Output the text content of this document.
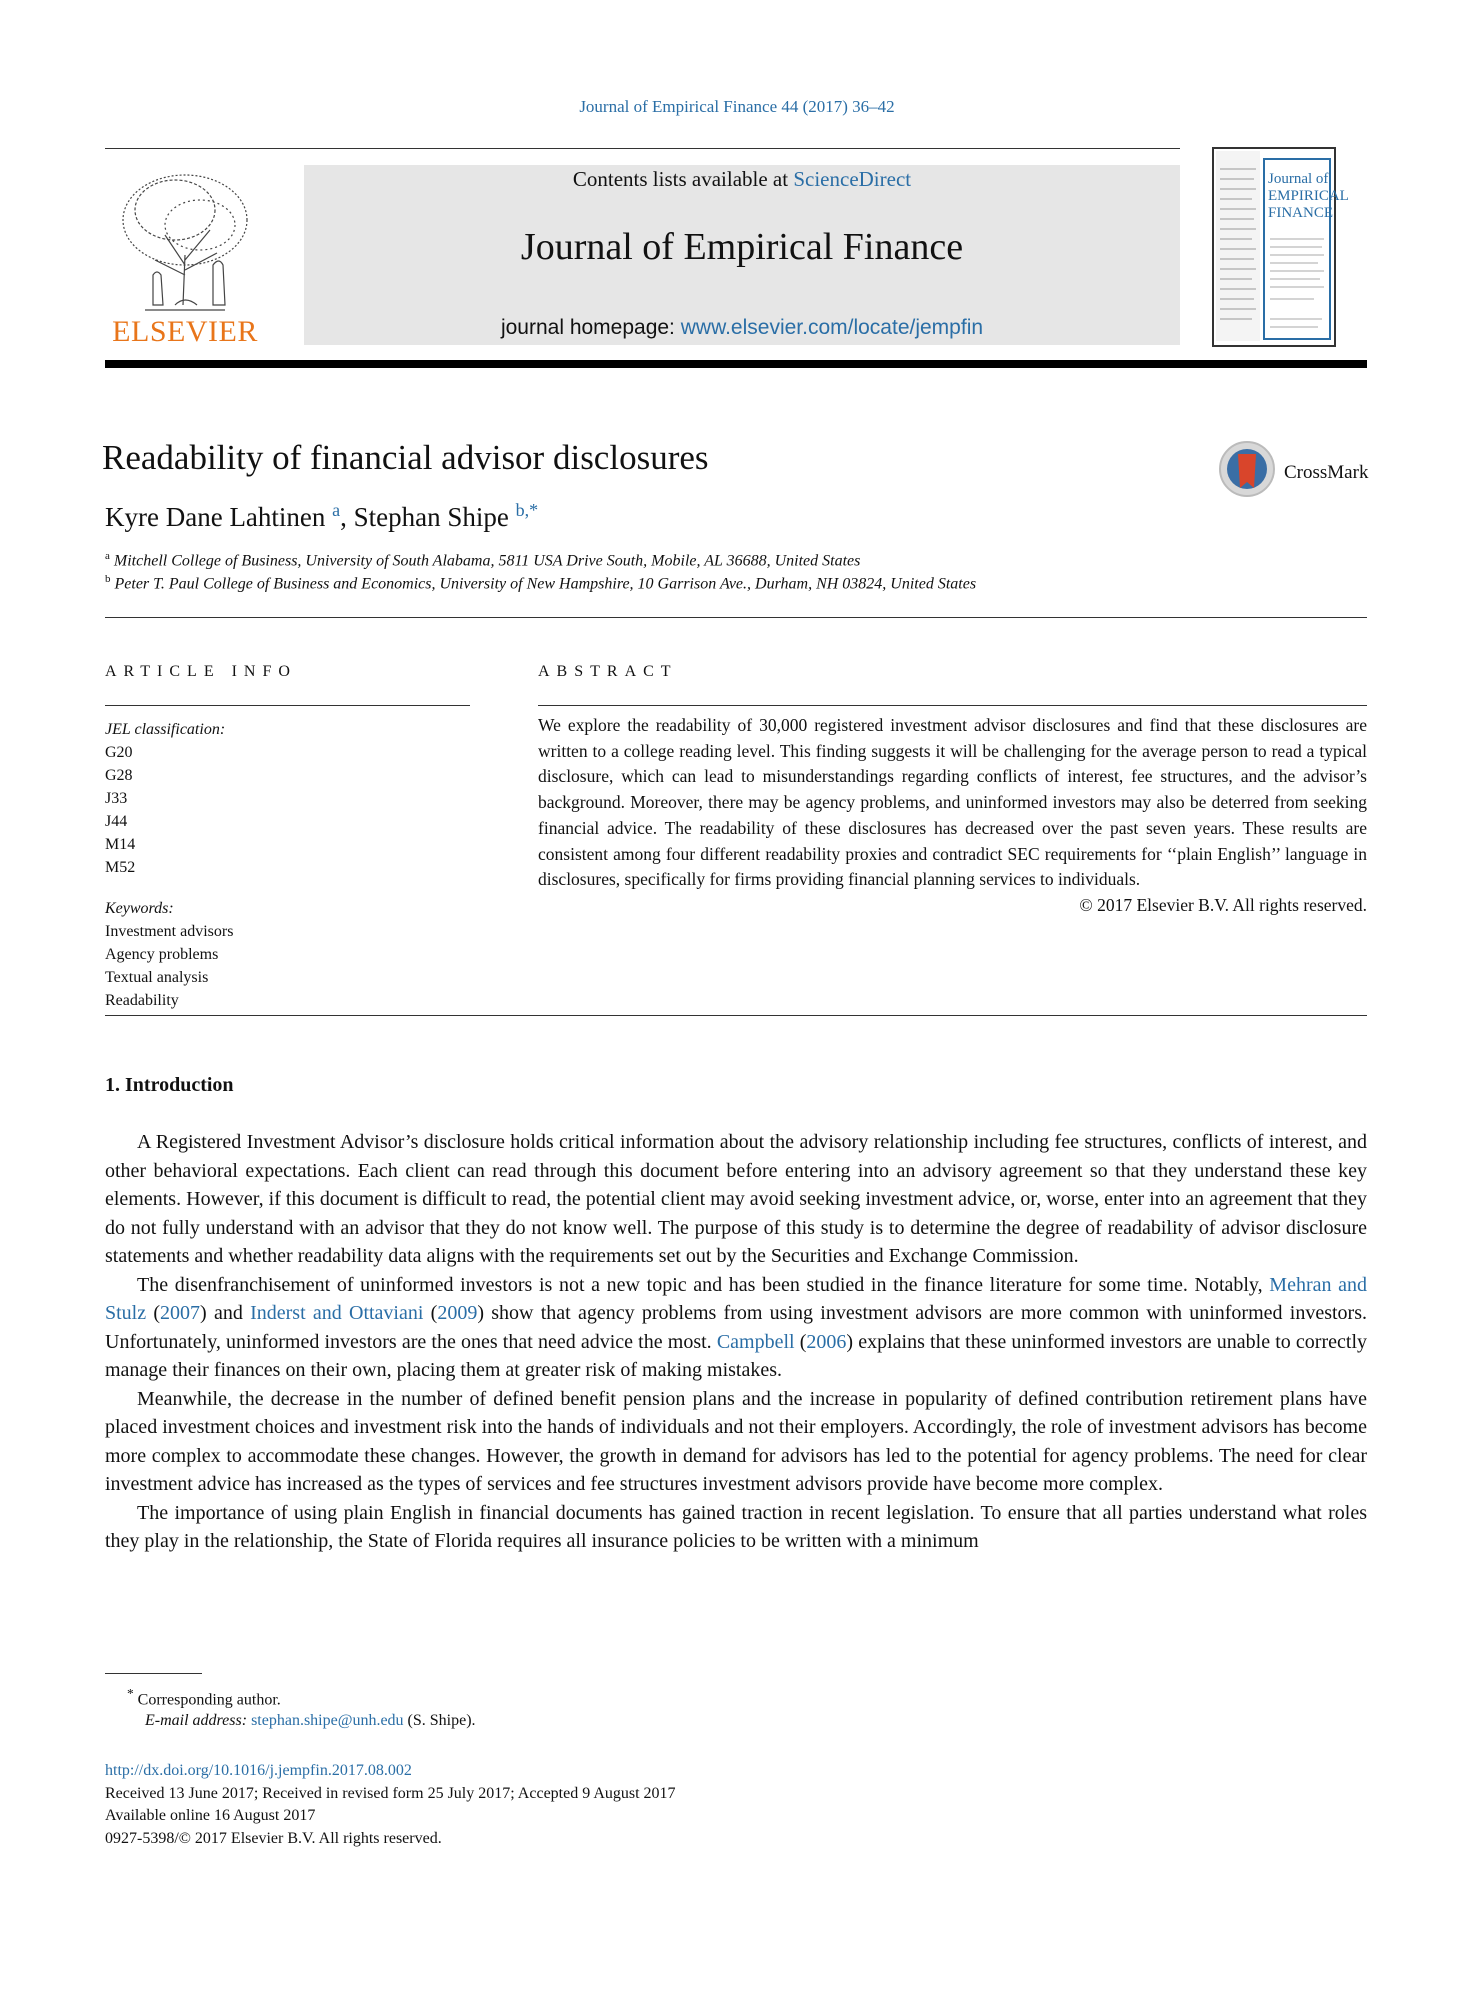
Journal of Empirical Finance 44 (2017) 36–42
ELSEVIER
Contents lists available at ScienceDirect
Journal of Empirical Finance
journal homepage: www.elsevier.com/locate/jempfin
Journal of
EMPIRICAL
FINANCE
Readability of financial advisor disclosures	CrossMark
Kyre Dane Lahtinen $^a$, Stephan Shipe $^{b,*}$
$^a$ Mitchell College of Business, University of South Alabama, 5811 USA Drive South, Mobile, AL 36688, United States
$^b$ Peter T. Paul College of Business and Economics, University of New Hampshire, 10 Garrison Ave., Durham, NH 03824, United States
ARTICLE INFO	ABSTRACT
JEL classification:
G20
G28
J33
J44
M14
M52
Keywords:
Investment advisors
Agency problems
Textual analysis
Readability
We explore the readability of 30,000 registered investment advisor disclosures and find that these disclosures are written to a college reading level. This finding suggests it will be challenging for the average person to read a typical disclosure, which can lead to misunderstandings regarding conflicts of interest, fee structures, and the advisor’s background. Moreover, there may be agency problems, and uninformed investors may also be deterred from seeking financial advice. The readability of these disclosures has decreased over the past seven years. These results are consistent among four different readability proxies and contradict SEC requirements for ‘‘plain English’’ language in disclosures, specifically for firms providing financial planning services to individuals.
© 2017 Elsevier B.V. All rights reserved.
1. Introduction

A Registered Investment Advisor’s disclosure holds critical information about the advisory relationship including fee structures, conflicts of interest, and other behavioral expectations. Each client can read through this document before entering into an advisory agreement so that they understand these key elements. However, if this document is difficult to read, the potential client may avoid seeking investment advice, or, worse, enter into an agreement that they do not fully understand with an advisor that they do not know well. The purpose of this study is to determine the degree of readability of advisor disclosure statements and whether readability data aligns with the requirements set out by the Securities and Exchange Commission.

The disenfranchisement of uninformed investors is not a new topic and has been studied in the finance literature for some time. Notably, Mehran and Stulz (2007) and Inderst and Ottaviani (2009) show that agency problems from using investment advisors are more common with uninformed investors. Unfortunately, uninformed investors are the ones that need advice the most. Campbell (2006) explains that these uninformed investors are unable to correctly manage their finances on their own, placing them at greater risk of making mistakes.

Meanwhile, the decrease in the number of defined benefit pension plans and the increase in popularity of defined contribution retirement plans have placed investment choices and investment risk into the hands of individuals and not their employers. Accordingly, the role of investment advisors has become more complex to accommodate these changes. However, the growth in demand for advisors has led to the potential for agency problems. The need for clear investment advice has increased as the types of services and fee structures investment advisors provide have become more complex.

The importance of using plain English in financial documents has gained traction in recent legislation. To ensure that all parties understand what roles they play in the relationship, the State of Florida requires all insurance policies to be written with a minimum

* Corresponding author.
E-mail address: stephan.shipe@unh.edu (S. Shipe).
http://dx.doi.org/10.1016/j.jempfin.2017.08.002
Received 13 June 2017; Received in revised form 25 July 2017; Accepted 9 August 2017
Available online 16 August 2017
0927-5398/© 2017 Elsevier B.V. All rights reserved.
